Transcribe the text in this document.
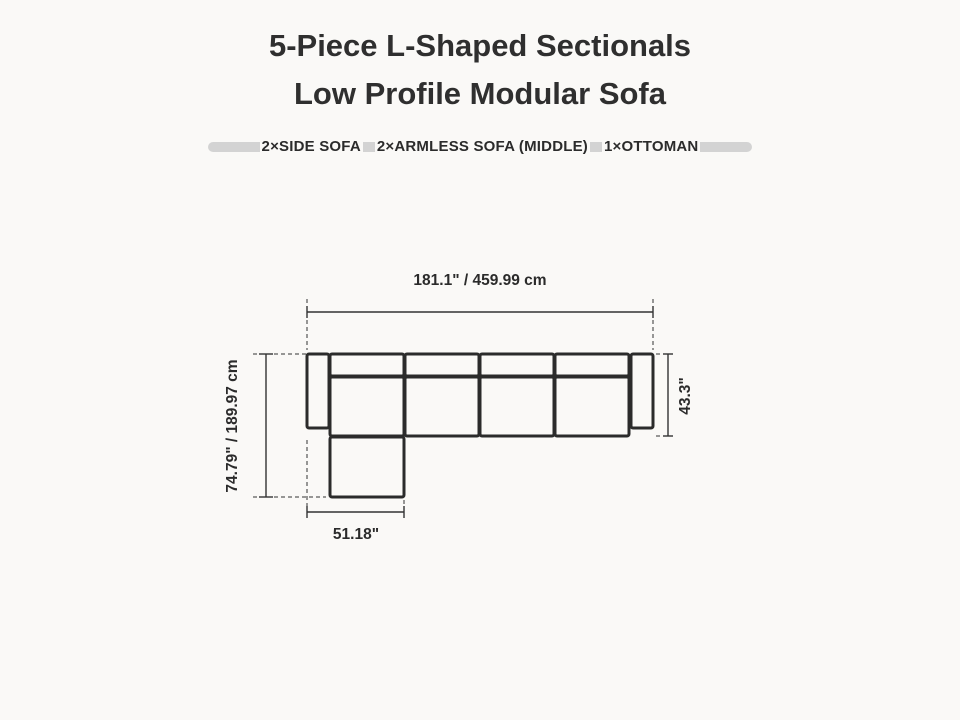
5-Piece L-Shaped Sectionals
Low Profile Modular Sofa
2×SIDE SOFA 2×ARMLESS SOFA (MIDDLE) 1×OTTOMAN
181.1" / 459.99 cm
74.79" / 189.97 cm	43.3"
51.18"
